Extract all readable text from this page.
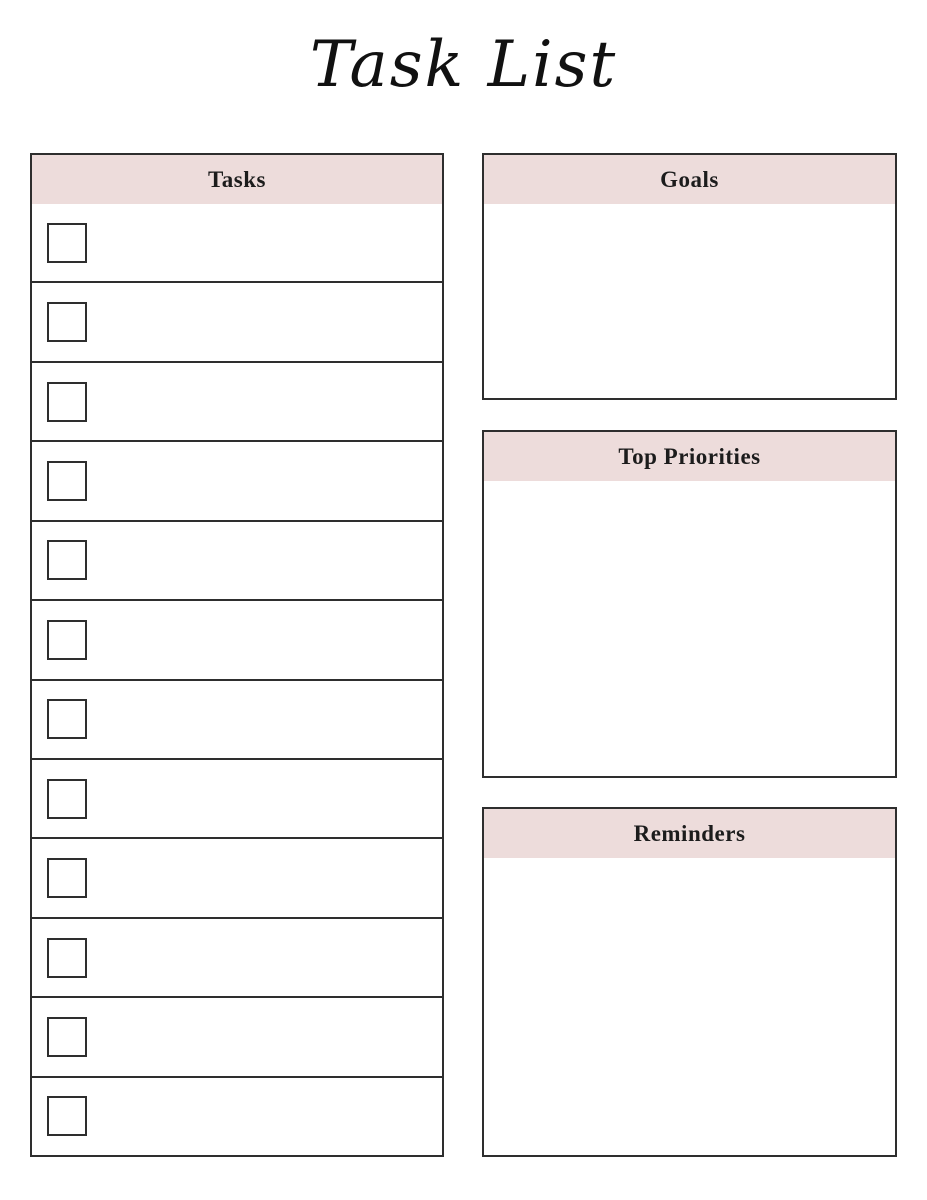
Task List
Tasks	Goals
Top Priorities
Reminders
